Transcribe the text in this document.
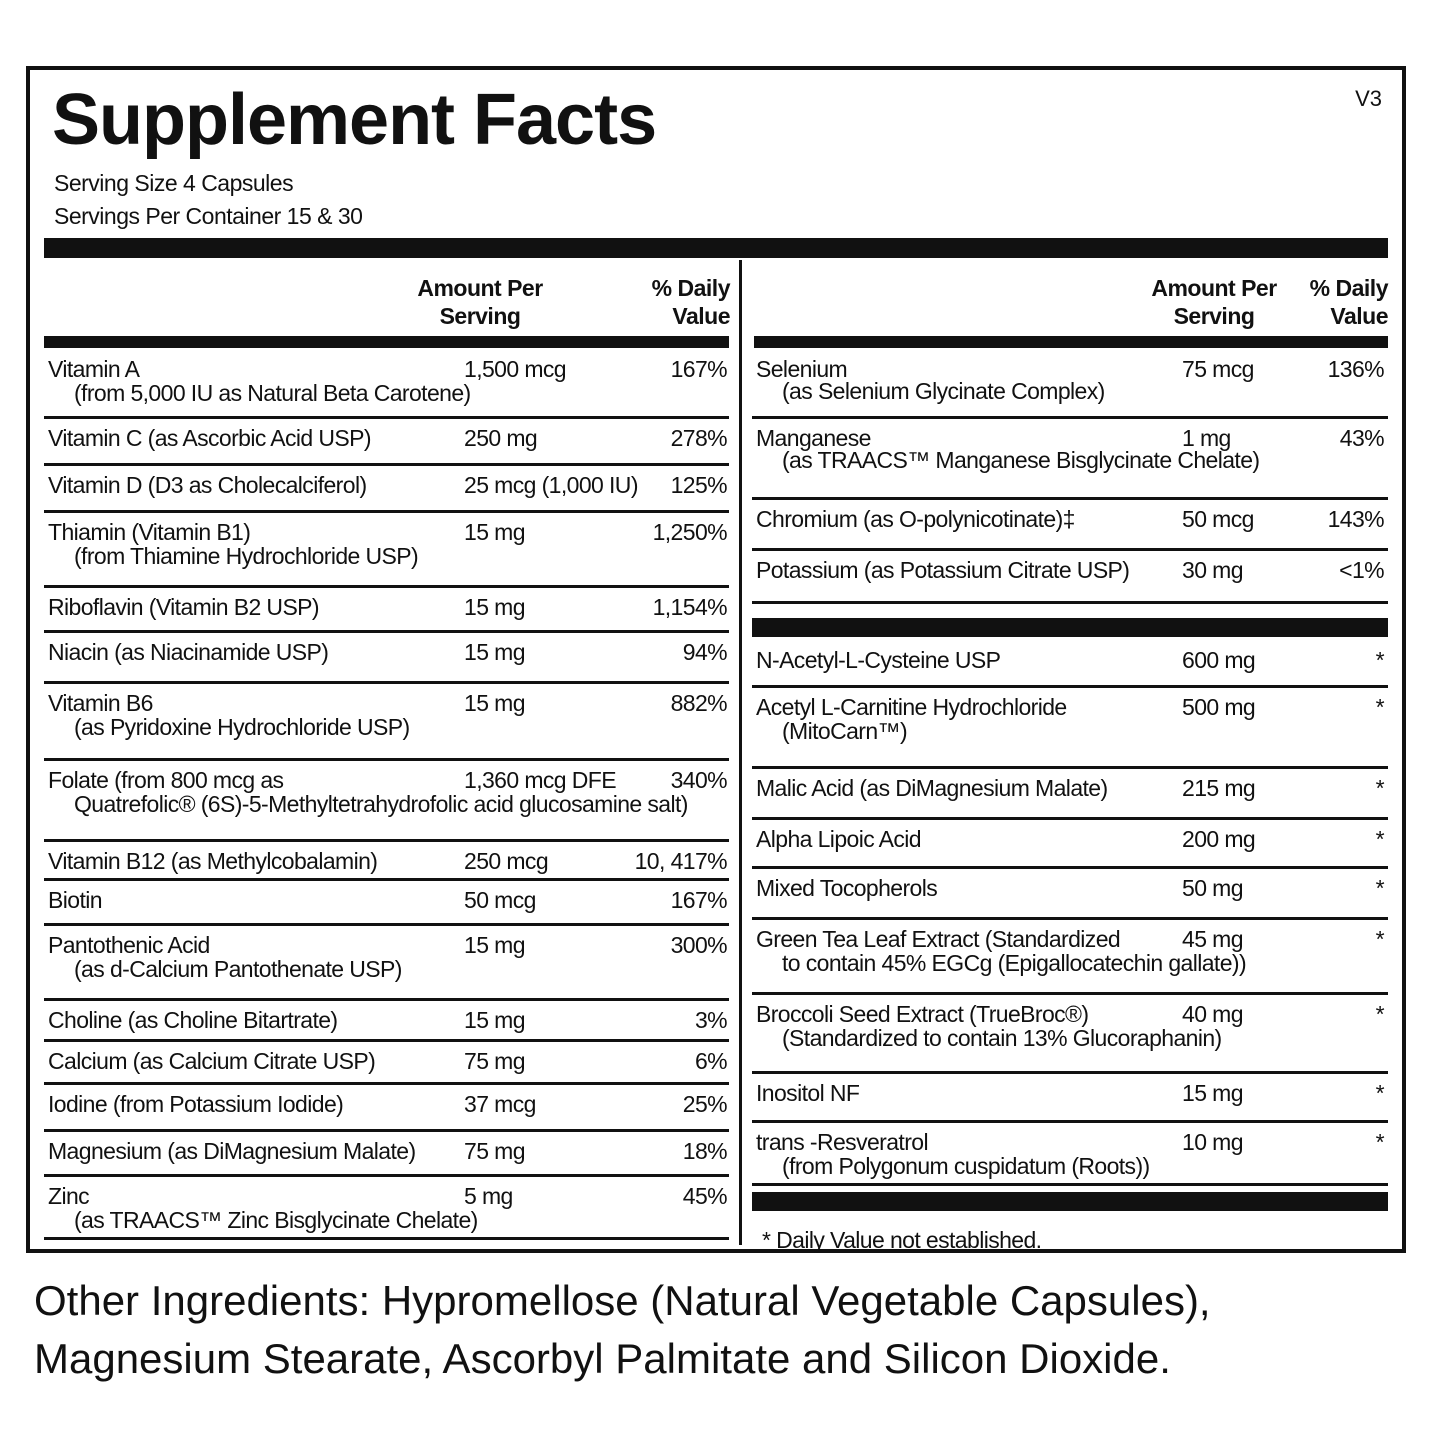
Supplement Facts	V3
Serving Size 4 Capsules
Servings Per Container 15 & 30
Amount Per Serving
% Daily Value
Amount Per Serving
% Daily Value
Vitamin A	1,500 mcg	167%
(from 5,000 IU as Natural Beta Carotene)
Vitamin C (as Ascorbic Acid USP)	250 mg	278%
Vitamin D (D3 as Cholecalciferol)	25 mcg (1,000 IU) 125%
Thiamin (Vitamin B1)	15 mg	1,250%
(from Thiamine Hydrochloride USP)
Riboflavin (Vitamin B2 USP)	15 mg	1,154%
Niacin (as Niacinamide USP)	15 mg	94%
Vitamin B6	15 mg	882%
(as Pyridoxine Hydrochloride USP)
Folate (from 800 mcg as	1,360 mcg DFE 340%
Quatrefolic® (6S)-5-Methyltetrahydrofolic acid glucosamine salt)
Vitamin B12 (as Methylcobalamin)	250 mcg	10, 417%
Biotin	50 mcg	167%
Pantothenic Acid	15 mg	300%
(as d-Calcium Pantothenate USP)
Choline (as Choline Bitartrate)	15 mg	3%
Calcium (as Calcium Citrate USP)	75 mg	6%
Iodine (from Potassium Iodide)	37 mcg	25%
Magnesium (as DiMagnesium Malate) 75 mg	18%
Zinc	5 mg	45%
(as TRAACS™ Zinc Bisglycinate Chelate)
Selenium	75 mcg	136%
(as Selenium Glycinate Complex)
Manganese	1 mg	43%
(as TRAACS™ Manganese Bisglycinate Chelate)
Chromium (as O-polynicotinate)‡	50 mcg	143%
Potassium (as Potassium Citrate USP) 30 mg	<1%
N-Acetyl-L-Cysteine USP	600 mg	*
Acetyl L-Carnitine Hydrochloride	500 mg	*
(MitoCarn™)
Malic Acid (as DiMagnesium Malate)	215 mg	*
Alpha Lipoic Acid	200 mg	*
Mixed Tocopherols	50 mg	*
Green Tea Leaf Extract (Standardized	45 mg	*
to contain 45% EGCg (Epigallocatechin gallate))
Broccoli Seed Extract (TrueBroc®)	40 mg	*
(Standardized to contain 13% Glucoraphanin)
Inositol NF	15 mg	*
trans -Resveratrol	10 mg	*
(from Polygonum cuspidatum (Roots))
* Daily Value not established.
Other Ingredients: Hypromellose (Natural Vegetable Capsules), Magnesium Stearate, Ascorbyl Palmitate and Silicon Dioxide.
